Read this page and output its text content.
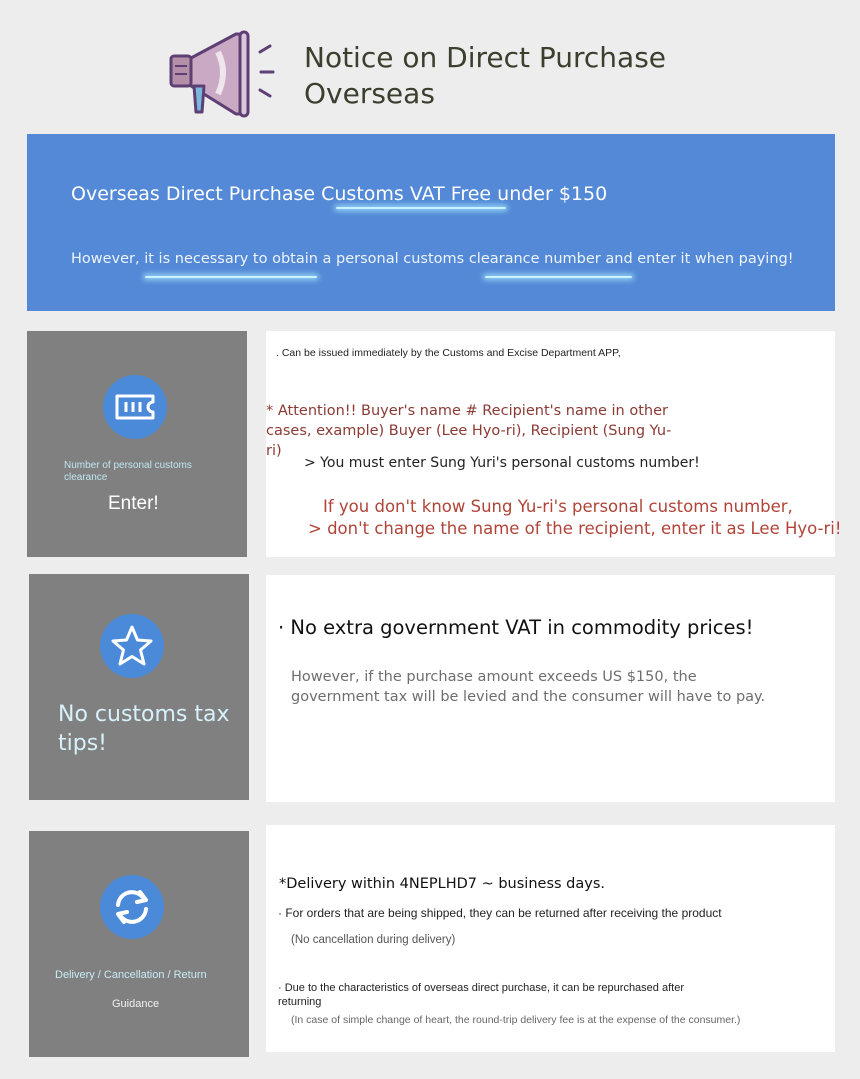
Notice on Direct Purchase
Overseas
Overseas Direct Purchase Customs VAT Free under $150
However, it is necessary to obtain a personal customs clearance number and enter it when paying!
Number of personal customs clearance
Enter!
. Can be issued immediately by the Customs and Excise Department APP,
* Attention!! Buyer's name # Recipient's name in other cases, example) Buyer (Lee Hyo-ri), Recipient (Sung Yu-ri)
> You must enter Sung Yuri's personal customs number!
If you don't know Sung Yu-ri's personal customs number,
> don't change the name of the recipient, enter it as Lee Hyo-ri!
No customs tax tips!
· No extra government VAT in commodity prices!
However, if the purchase amount exceeds US $150, the government tax will be levied and the consumer will have to pay.
Delivery / Cancellation / Return
Guidance
*Delivery within 4NEPLHD7 ~ business days.
· For orders that are being shipped, they can be returned after receiving the product
(No cancellation during delivery)
· Due to the characteristics of overseas direct purchase, it can be repurchased after returning
(In case of simple change of heart, the round-trip delivery fee is at the expense of the consumer.)
